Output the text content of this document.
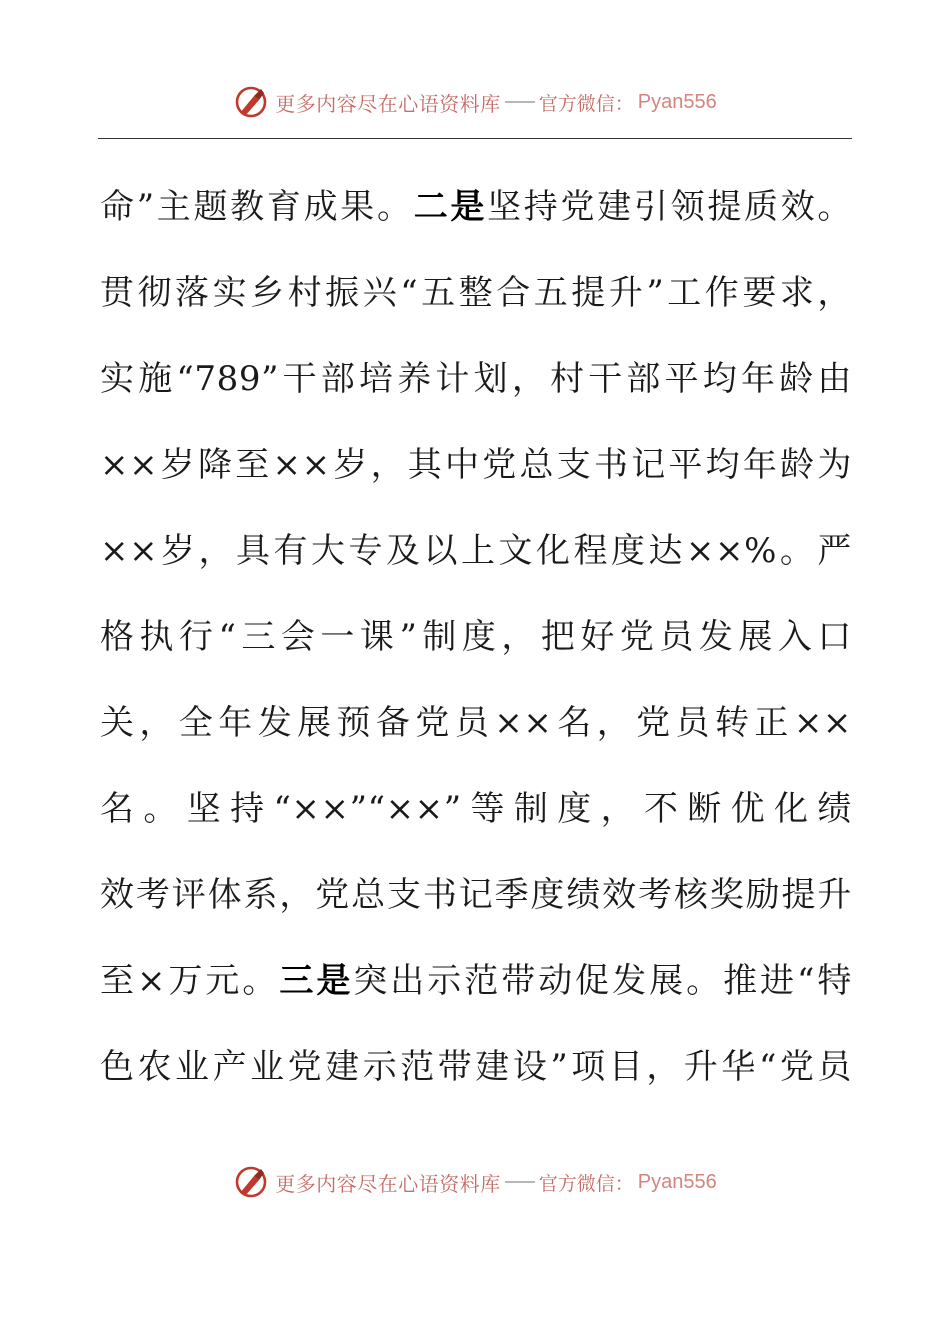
更多内容尽在心语资料库 官方微信： Pyan556
命”主题教育成果。二是坚持党建引领提质效。
贯彻落实乡村振兴“五整合五提升”工作要求，
实施“789”干部培养计划，村干部平均年龄由
××岁降至××岁，其中党总支书记平均年龄为
××岁，具有大专及以上文化程度达××%。严
格执行“三会一课”制度，把好党员发展入口
关，全年发展预备党员××名，党员转正××
名。坚持“××”“××”等制度，不断优化绩
效考评体系，党总支书记季度绩效考核奖励提升
至×万元。三是突出示范带动促发展。推进“特
色农业产业党建示范带建设”项目，升华“党员
更多内容尽在心语资料库 官方微信： Pyan556
